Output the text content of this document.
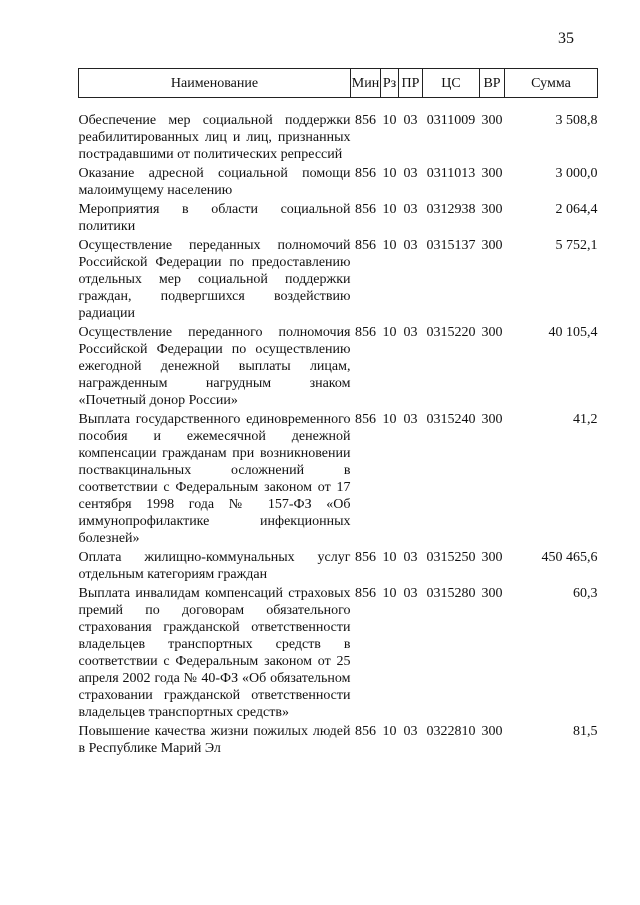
35
Наименование	Мин	Рз	ПР	ЦС	ВР	Сумма

Обеспечение мер социальной поддержки реабилитированных лиц и лиц, признанных пострадавшими от политических репрессий	856	10	03	0311009	300	3 508,8
Оказание адресной социальной помощи малоимущему населению	856	10	03	0311013	300	3 000,0
Мероприятия в области социальной политики	856	10	03	0312938	300	2 064,4
Осуществление переданных полномочий Российской Федерации по предоставлению отдельных мер социальной поддержки граждан, подвергшихся воздействию радиации	856	10	03	0315137	300	5 752,1
Осуществление переданного полномочия Российской Федерации по осуществлению ежегодной денежной выплаты лицам, награжденным нагрудным знаком «Почетный донор России»	856	10	03	0315220	300	40 105,4
Выплата государственного единовременного пособия и ежемесячной денежной компенсации гражданам при возникновении поствакцинальных осложнений в соответствии с Федеральным законом от 17 сентября 1998 года № 157-ФЗ «Об иммунопрофилактике инфекционных болезней»	856	10	03	0315240	300	41,2
Оплата жилищно-коммунальных услуг отдельным категориям граждан	856	10	03	0315250	300	450 465,6
Выплата инвалидам компенсаций страховых премий по договорам обязательного страхования гражданской ответственности владельцев транспортных средств в соответствии с Федеральным законом от 25 апреля 2002 года № 40-ФЗ «Об обязательном страховании гражданской ответственности владельцев транспортных средств»	856	10	03	0315280	300	60,3
Повышение качества жизни пожилых людей в Республике Марий Эл	856	10	03	0322810	300	81,5
